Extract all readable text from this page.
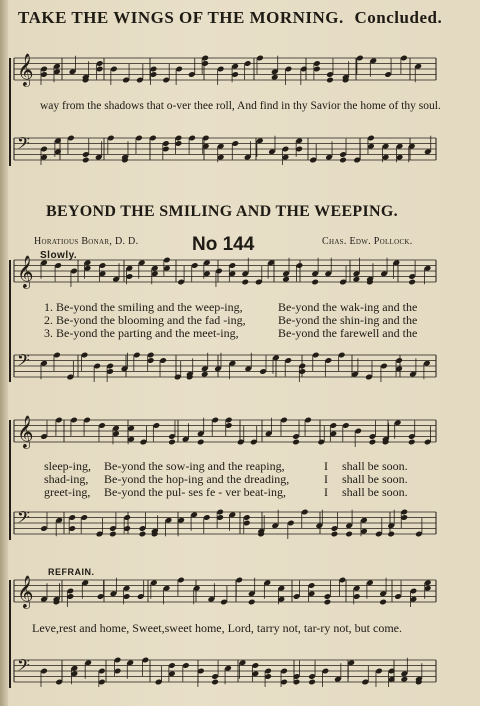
TAKE THE WINGS OF THE MORNING. Concluded.
way from the shadows that o-ver thee roll, And find in thy Savior the home of thy soul.
BEYOND THE SMILING AND THE WEEPING.
Horatious Bonar, D. D.	No 144	Chas. Edw. Pollock.
Slowly.
REFRAIN.
1. Be-yond the smiling and the weep-ing,
2. Be-yond the blooming and the fad -ing,
3. Be-yond the parting and the meet-ing,
Be-yond the wak-ing and the
Be-yond the shin-ing and the
Be-yond the farewell and the
sleep-ing,
shad-ing,
greet-ing,
Be-yond the sow-ing and the reaping,
Be-yond the hop-ing and the dreading,
Be-yond the pul- ses fe - ver beat-ing,
I
I
I
shall be soon.
shall be soon.
shall be soon.
Leve,rest and home, Sweet,sweet home, Lord, tarry not, tar-ry not, but come.
𝄞
𝄢
𝄞
𝄢
𝄞
𝄢
𝄞
𝄢
